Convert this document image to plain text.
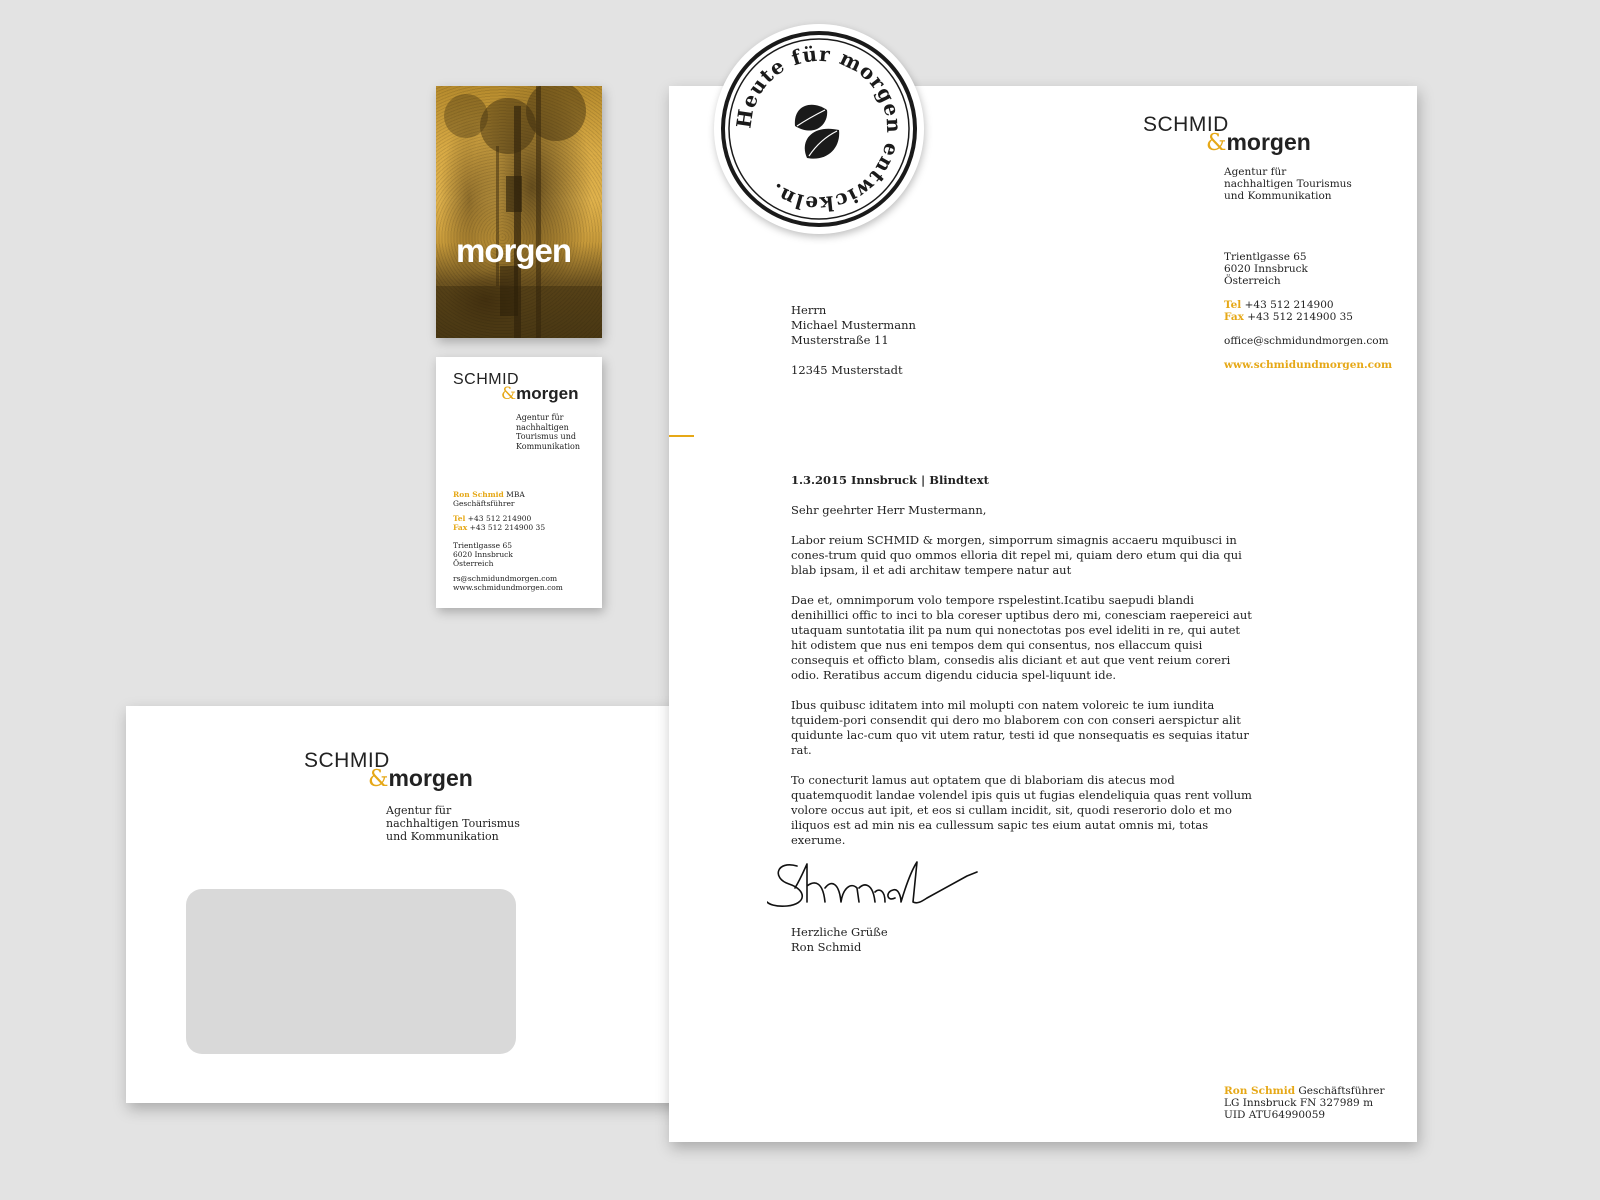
SCHMID
&morgen
Agentur für
nachhaltigen Tourismus
und Kommunikation
morgen
SCHMID
&morgen
Agentur für
nachhaltigen
Tourismus und
Kommunikation
Ron Schmid MBA
Geschäftsführer
Tel +43 512 214900
Fax +43 512 214900 35
Trientlgasse 65
6020 Innsbruck
Österreich
rs@schmidundmorgen.com
www.schmidundmorgen.com
SCHMID
&morgen
Agentur für
nachhaltigen Tourismus
und Kommunikation
Trientlgasse 65
6020 Innsbruck
Österreich
Tel +43 512 214900
Fax +43 512 214900 35
office@schmidundmorgen.com
www.schmidundmorgen.com
Herrn
Michael Mustermann
Musterstraße 11
12345 Musterstadt
1.3.2015 Innsbruck | Blindtext
Sehr geehrter Herr Mustermann,

Labor reium SCHMID & morgen, simporrum simagnis accaeru mquibusci in cones-trum quid quo ommos elloria dit repel mi, quiam dero etum qui dia qui blab ipsam, il et adi architaw tempere natur aut

Dae et, omnimporum volo tempore rspelestint.Icatibu saepudi blandi denihillici offic to inci to bla coreser uptibus dero mi, conesciam raepereici aut utaquam suntotatia ilit pa num qui nonectotas pos evel ideliti in re, qui autet hit odistem que nus eni tempos dem qui consentus, nos ellaccum quisi consequis et officto blam, consedis alis diciant et aut que vent reium coreri odio. Reratibus accum digendu ciducia spel-liquunt ide.

Ibus quibusc iditatem into mil molupti con natem voloreic te ium iundita tquidem-pori consendit qui dero mo blaborem con con conseri aerspictur alit quidunte lac-cum quo vit utem ratur, testi id que nonsequatis es sequias itatur rat.

To conecturit lamus aut optatem que di blaboriam dis atecus mod quatemquodit landae volendel ipis quis ut fugias elendeliquia quas rent vollum volore occus aut ipit, et eos si cullam incidit, sit, quodi reserorio dolo et mo iliquos est ad min nis ea cullessum sapic tes eium autat omnis mi, totas exerume.

Herzliche Grüße
Ron Schmid
Ron Schmid Geschäftsführer
LG Innsbruck FN 327989 m
UID ATU64990059
Heute für morgen entwickeln.
